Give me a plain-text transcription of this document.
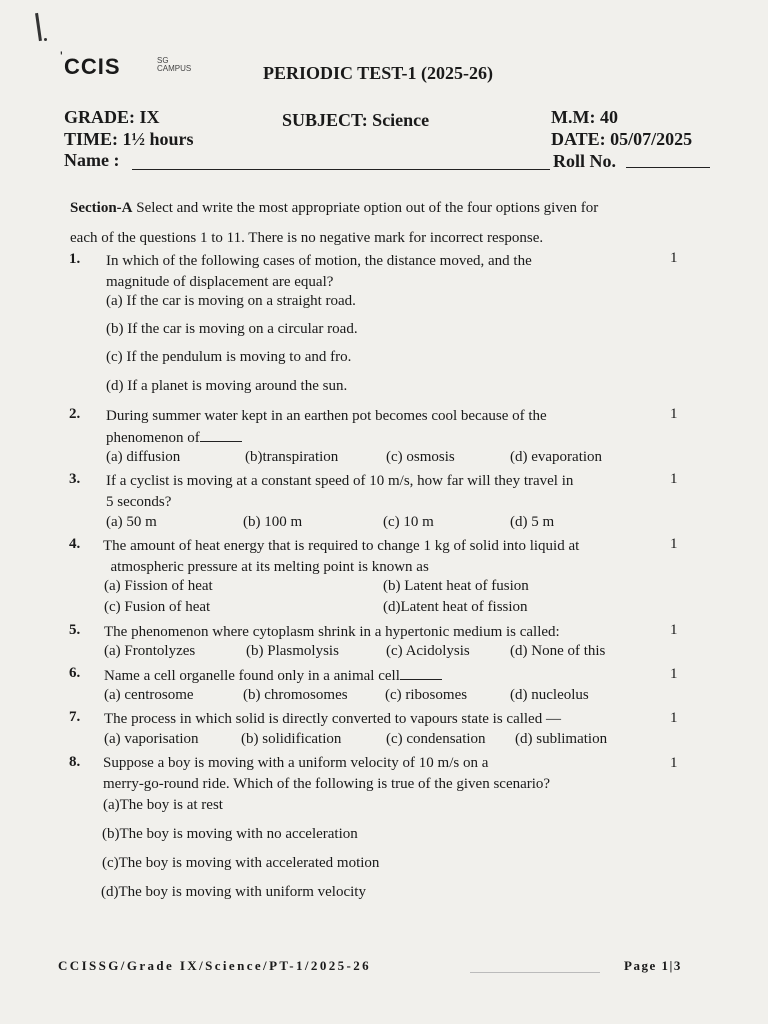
' CCIS	SG
CAMPUS	PERIODIC TEST-1 (2025-26)
GRADE: IX	SUBJECT: Science	M.M: 40
TIME: 1½ hours	DATE: 05/07/2025
Name :	Roll No.
Section-A Select and write the most appropriate option out of the four options given for
each of the questions 1 to 11. There is no negative mark for incorrect response.
1. In which of the following cases of motion, the distance moved, and the
magnitude of displacement are equal?
1
(a) If the car is moving on a straight road.
(b) If the car is moving on a circular road.
(c) If the pendulum is moving to and fro.
(d) If a planet is moving around the sun.
2. During summer water kept in an earthen pot becomes cool because of the
phenomenon of
1
(a) diffusion	(b)transpiration	(c) osmosis	(d) evaporation
3. If a cyclist is moving at a constant speed of 10 m/s, how far will they travel in
5 seconds?
1
(a) 50 m	(b) 100 m	(c) 10 m	(d) 5 m
4. The amount of heat energy that is required to change 1 kg of solid into liquid at
atmospheric pressure at its melting point is known as
1
(a) Fission of heat	(b) Latent heat of fusion
(c) Fusion of heat	(d)Latent heat of fission
5. The phenomenon where cytoplasm shrink in a hypertonic medium is called:	1
(a) Frontolyzes	(b) Plasmolysis	(c) Acidolysis	(d) None of this
6. Name a cell organelle found only in a animal cell	1
(a) centrosome	(b) chromosomes (c) ribosomes	(d) nucleolus
7. The process in which solid is directly converted to vapours state is called —	1
(a) vaporisation	(b) solidification	(c) condensation (d) sublimation
8. Suppose a boy is moving with a uniform velocity of 10 m/s on a
merry-go-round ride. Which of the following is true of the given scenario?
1
(a)The boy is at rest
(b)The boy is moving with no acceleration
(c)The boy is moving with accelerated motion
(d)The boy is moving with uniform velocity
CCISSG/Grade IX/Science/PT-1/2025-26	Page 1|3
